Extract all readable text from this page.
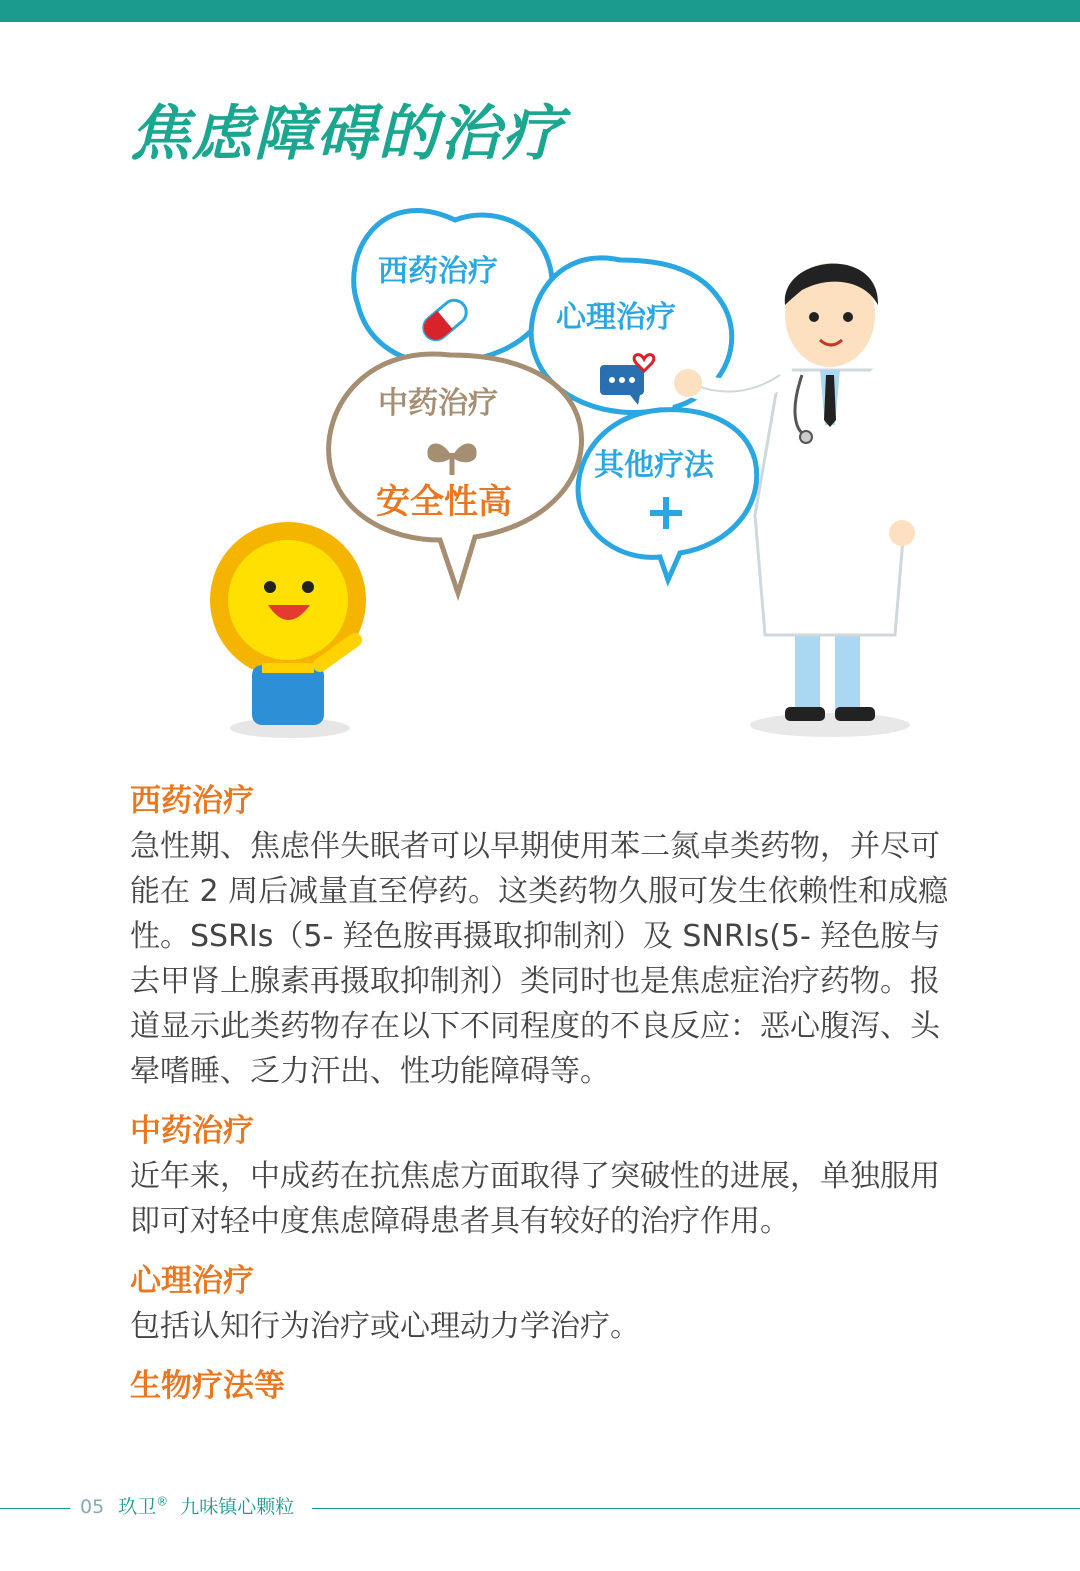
焦虑障碍的治疗
西药治疗
心理治疗
中药治疗
安全性高
其他疗法
西药治疗

急性期、焦虑伴失眠者可以早期使用苯二氮卓类药物，并尽可能在 2 周后减量直至停药。这类药物久服可发生依赖性和成瘾性。SSRIs（5- 羟色胺再摄取抑制剂）及 SNRIs(5- 羟色胺与去甲肾上腺素再摄取抑制剂）类同时也是焦虑症治疗药物。报道显示此类药物存在以下不同程度的不良反应：恶心腹泻、头晕嗜睡、乏力汗出、性功能障碍等。

中药治疗

近年来，中成药在抗焦虑方面取得了突破性的进展，单独服用即可对轻中度焦虑障碍患者具有较好的治疗作用。

心理治疗

包括认知行为治疗或心理动力学治疗。

生物疗法等
05 玖卫® 九味镇心颗粒
